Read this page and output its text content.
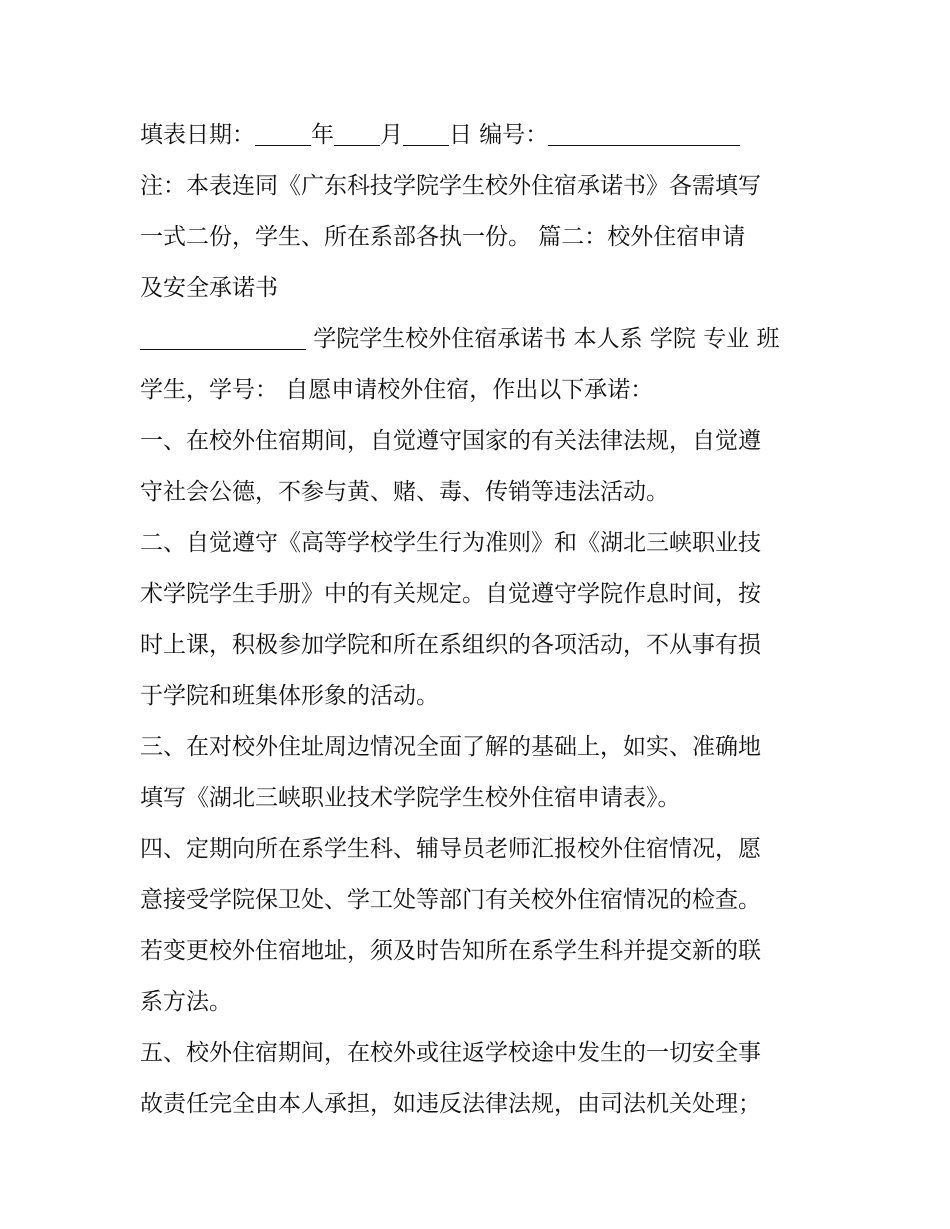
填表日期： 年 月 日 编号：
注：本表连同《广东科技学院学生校外住宿承诺书》各需填写
一式二份，学生、所在系部各执一份。 篇二：校外住宿申请
及安全承诺书
学院学生校外住宿承诺书 本人系 学院 专业 班
学生，学号： 自愿申请校外住宿，作出以下承诺：
一、在校外住宿期间，自觉遵守国家的有关法律法规，自觉遵
守社会公德，不参与黄、赌、毒、传销等违法活动。
二、自觉遵守《高等学校学生行为准则》和《湖北三峡职业技
术学院学生手册》中的有关规定。自觉遵守学院作息时间，按
时上课，积极参加学院和所在系组织的各项活动，不从事有损
于学院和班集体形象的活动。
三、在对校外住址周边情况全面了解的基础上，如实、准确地
填写《湖北三峡职业技术学院学生校外住宿申请表》。
四、定期向所在系学生科、辅导员老师汇报校外住宿情况，愿
意接受学院保卫处、学工处等部门有关校外住宿情况的检查。
若变更校外住宿地址，须及时告知所在系学生科并提交新的联
系方法。
五、校外住宿期间，在校外或往返学校途中发生的一切安全事
故责任完全由本人承担，如违反法律法规，由司法机关处理；
